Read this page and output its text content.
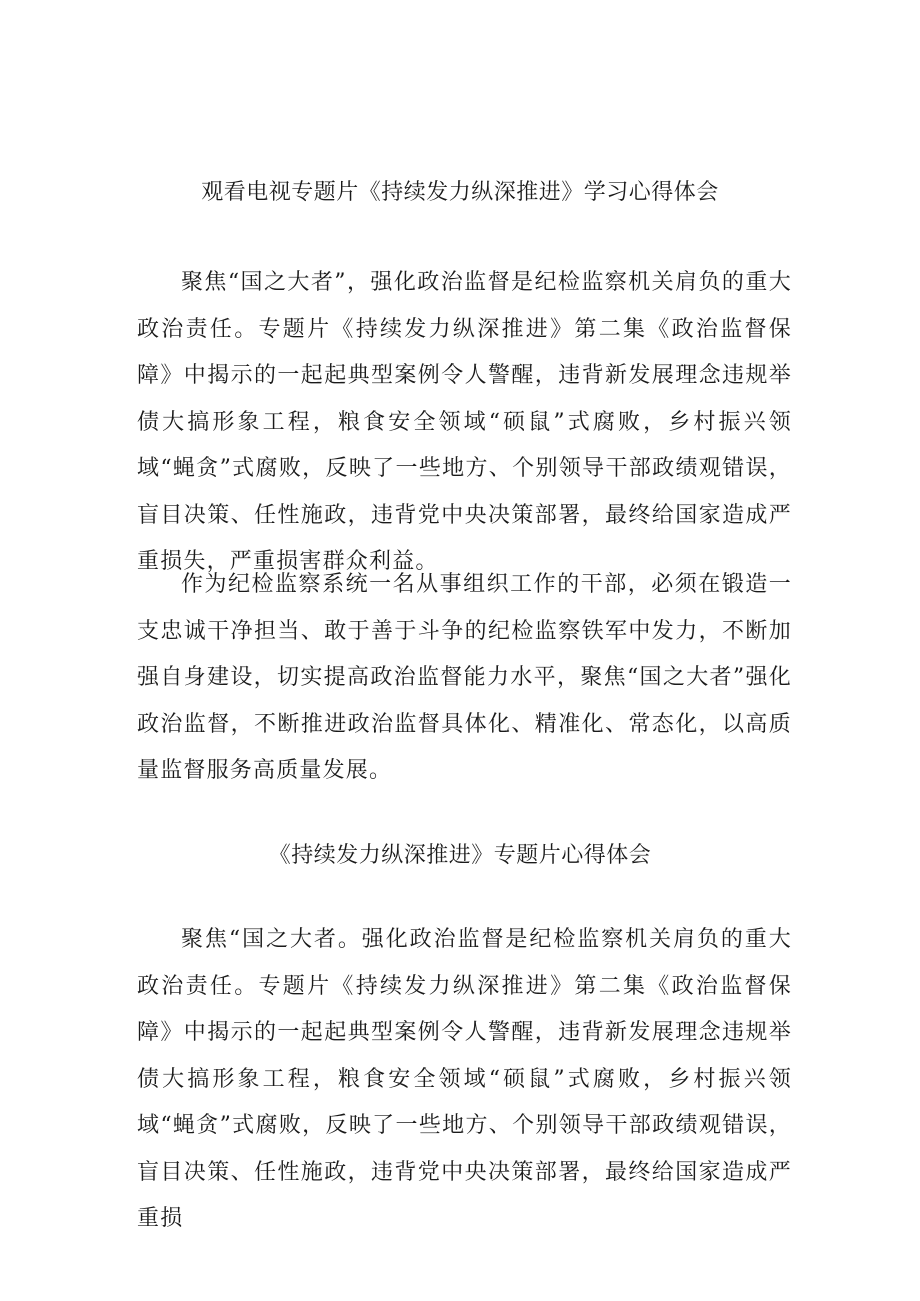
观看电视专题片《持续发力纵深推进》学习心得体会

聚焦“国之大者”，强化政治监督是纪检监察机关肩负的重大政治责任。专题片《持续发力纵深推进》第二集《政治监督保障》中揭示的一起起典型案例令人警醒，违背新发展理念违规举债大搞形象工程，粮食安全领域“硕鼠”式腐败，乡村振兴领域“蝇贪”式腐败，反映了一些地方、个别领导干部政绩观错误，盲目决策、任性施政，违背党中央决策部署，最终给国家造成严重损失，严重损害群众利益。

作为纪检监察系统一名从事组织工作的干部，必须在锻造一支忠诚干净担当、敢于善于斗争的纪检监察铁军中发力，不断加强自身建设，切实提高政治监督能力水平，聚焦“国之大者”强化政治监督，不断推进政治监督具体化、精准化、常态化，以高质量监督服务高质量发展。

《持续发力纵深推进》专题片心得体会

聚焦“国之大者。强化政治监督是纪检监察机关肩负的重大政治责任。专题片《持续发力纵深推进》第二集《政治监督保障》中揭示的一起起典型案例令人警醒，违背新发展理念违规举债大搞形象工程，粮食安全领域“硕鼠”式腐败，乡村振兴领域“蝇贪”式腐败，反映了一些地方、个别领导干部政绩观错误，盲目决策、任性施政，违背党中央决策部署，最终给国家造成严重损
